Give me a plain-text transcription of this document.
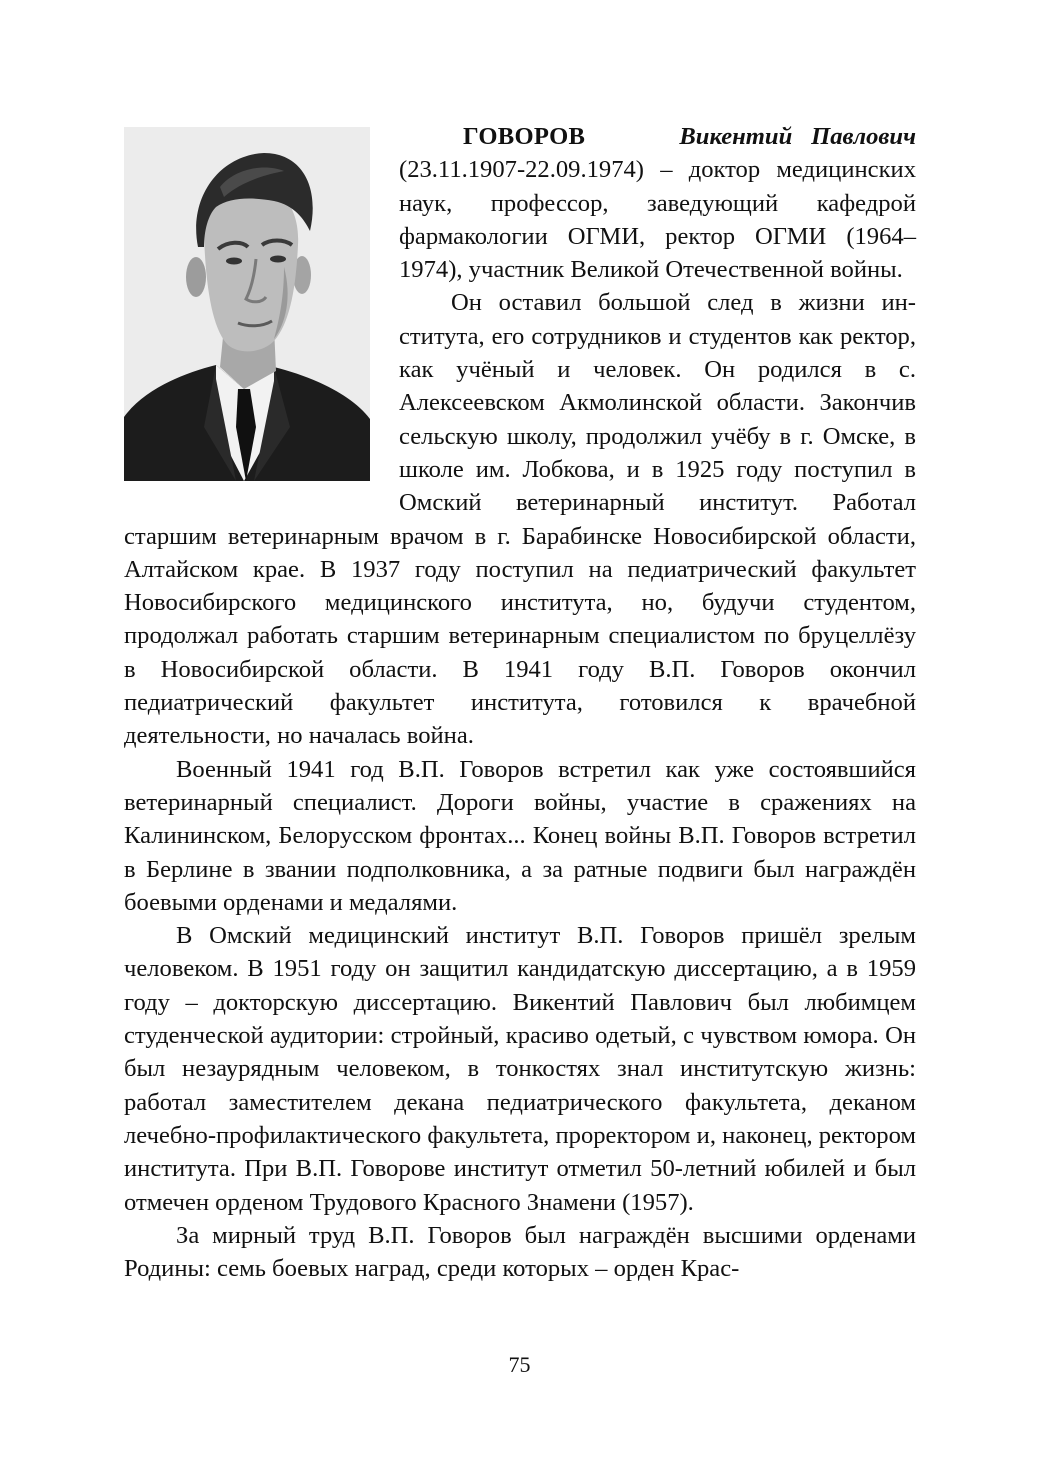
ГОВОРОВ	Викентий Павлович (23.11.1907-22.09.1974) – доктор медицинских наук, профессор, заведующий кафедрой фармакологии ОГМИ, ректор ОГМИ (1964–1974), участник Великой Отечественной войны.

Он оставил большой след в жизни института, его сотрудников и студентов как ректор, как учёный и человек. Он родился в с. Алексеевском Акмолинской области. Закончив сельскую школу, продолжил учёбу в г. Омске, в школе им. Лобкова, и в 1925 году поступил в Омский ветеринарный институт. Работал старшим ветеринарным врачом в г. Барабинске Новосибирской области, Алтайском крае. В 1937 году поступил на педиатрический факультет Новосибирского медицинского института, но, будучи студентом, продолжал работать старшим ветеринарным специалистом по бруцеллёзу в Новосибирской области. В 1941 году В.П. Говоров окончил педиатрический факультет института, готовился к врачебной деятельности, но началась война.

Военный 1941 год В.П. Говоров встретил как уже состоявшийся ветеринарный специалист. Дороги войны, участие в сражениях на Калининском, Белорусском фронтах... Конец войны В.П. Говоров встретил в Берлине в звании подполковника, а за ратные подвиги был награждён боевыми орденами и медалями.

В Омский медицинский институт В.П. Говоров пришёл зрелым человеком. В 1951 году он защитил кандидатскую диссертацию, а в 1959 году – докторскую диссертацию. Викентий Павлович был любимцем студенческой аудитории: стройный, красиво одетый, с чувством юмора. Он был незаурядным человеком, в тонкостях знал институтскую жизнь: работал заместителем декана педиатрического факультета, деканом лечебно-профилактического факультета, проректором и, наконец, ректором института. При В.П. Говорове институт отметил 50-летний юбилей и был отмечен орденом Трудового Красного Знамени (1957).

За мирный труд В.П. Говоров был награждён высшими орденами Родины: семь боевых наград, среди которых – орден Крас-

75
